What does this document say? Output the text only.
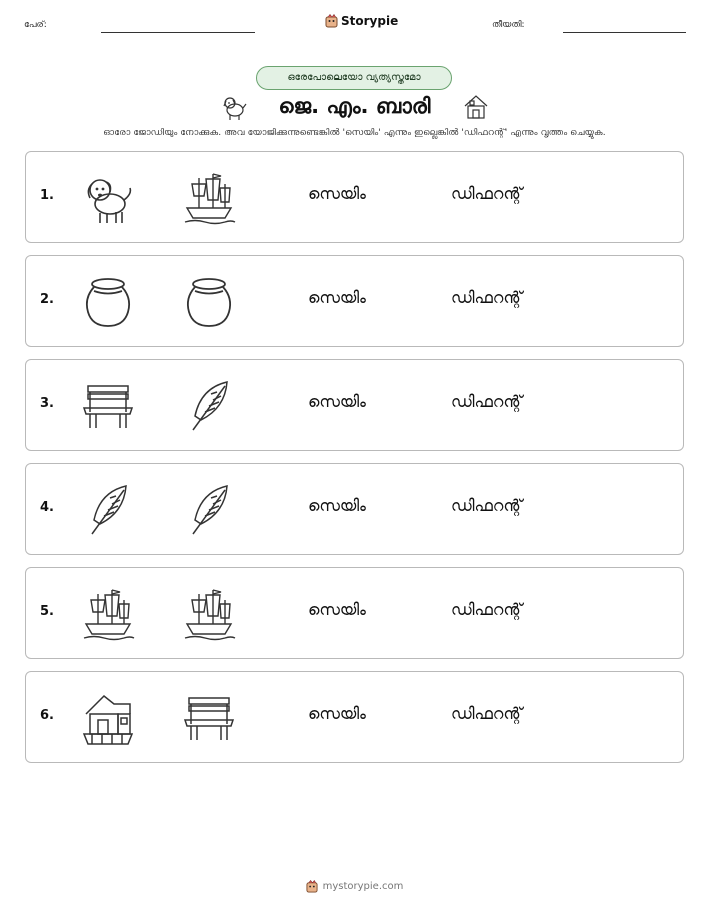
പേര്:	Storypie	തീയതി:
ഒരേപോലെയോ വ്യത്യസ്തമോ
ജെ. എം. ബാരി
ഓരോ ജോഡിയും നോക്കുക. അവ യോജിക്കുന്നുണ്ടെങ്കിൽ 'സെയിം' എന്നും ഇല്ലെങ്കിൽ 'ഡിഫറന്റ്' എന്നും വൃത്തം ചെയ്യുക.
1.	സെയിം	ഡിഫറന്റ്
2.	സെയിം	ഡിഫറന്റ്
3.	സെയിം	ഡിഫറന്റ്
4.	സെയിം	ഡിഫറന്റ്
5.	സെയിം	ഡിഫറന്റ്
6.	സെയിം	ഡിഫറന്റ്
mystorypie.com
